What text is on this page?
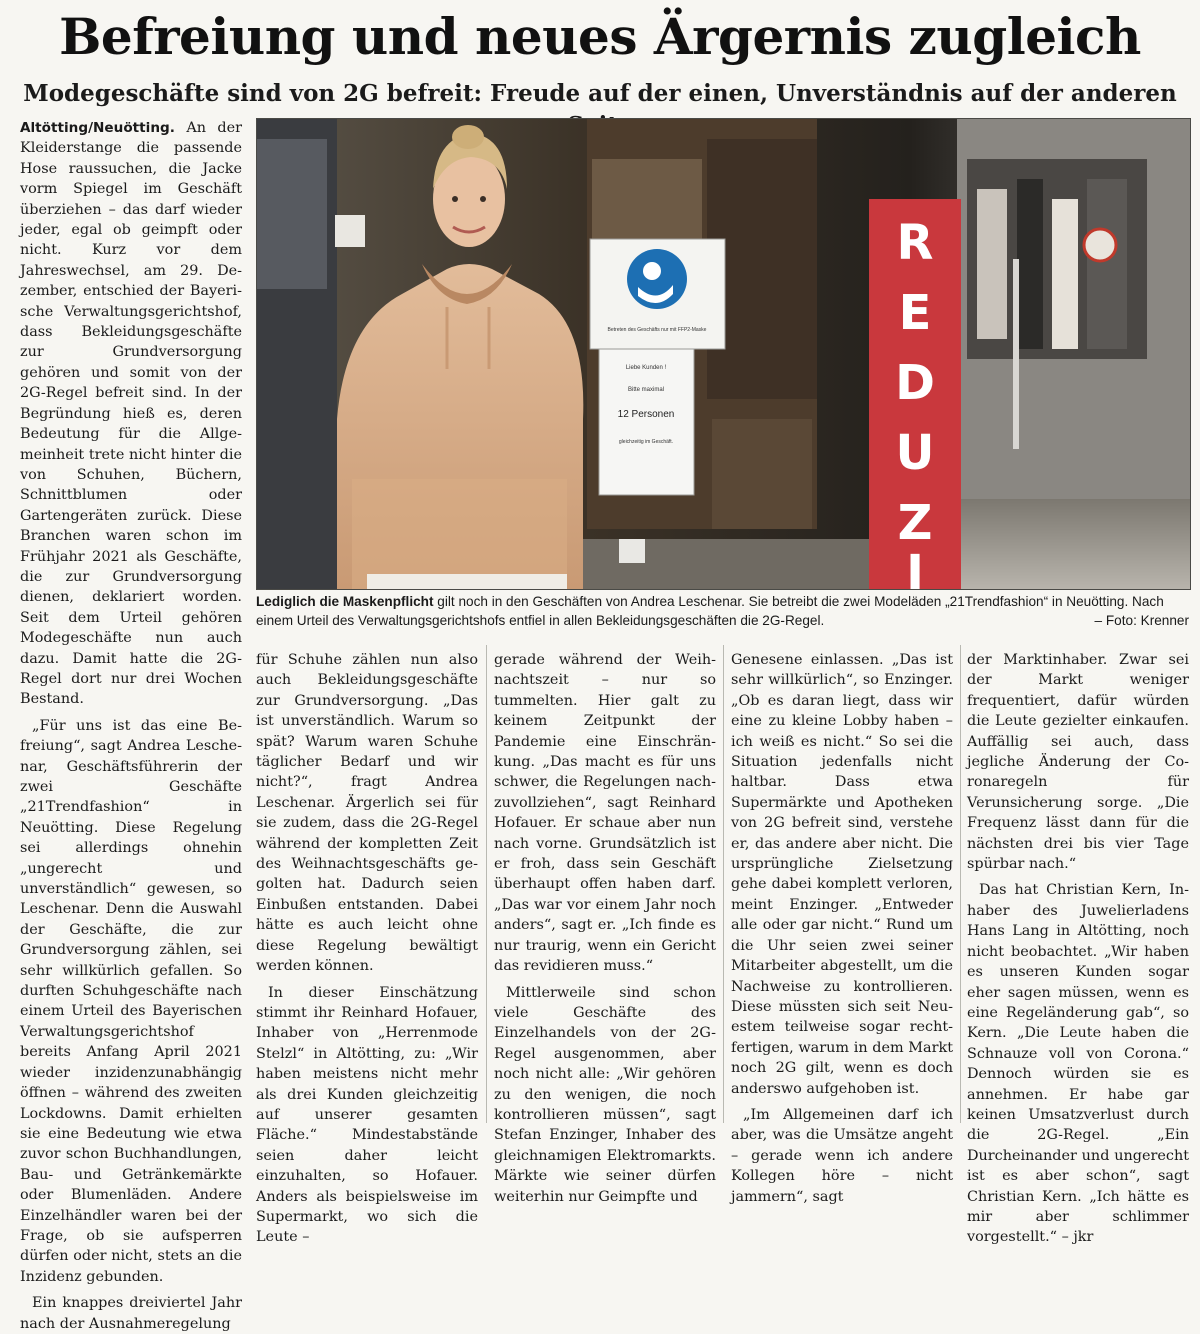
Befreiung und neues Ärgernis zugleich
Modegeschäfte sind von 2G befreit: Freude auf der einen, Unverständnis auf der anderen

Altötting/Neuötting. An der Kleiderstange die passende Hose raussuchen, die Jacke vorm Spiegel im Geschäft überziehen – das darf wieder jeder, egal ob geimpft oder nicht. Kurz vor dem Jahreswechsel, am 29. Dezember, entschied der Bayerische Verwaltungsgerichtshof, dass Bekleidungsgeschäfte zur Grundversorgung gehören und somit von der 2G-Regel befreit sind. In der Begründung hieß es, deren Bedeutung für die Allgemeinheit trete nicht hinter die von Schuhen, Büchern, Schnittblumen oder Gartengeräten zurück. Diese Branchen waren schon im Frühjahr 2021 als Geschäfte, die zur Grundversorgung dienen, deklariert worden. Seit dem Urteil gehören Modegeschäfte nun auch dazu. Damit hatte die 2G-Regel dort nur drei Wochen Bestand.

„Für uns ist das eine Befreiung“, sagt Andrea Leschenar, Geschäftsführerin der zwei Geschäfte „21Trendfashion“ in Neuötting. Diese Regelung sei allerdings ohnehin „ungerecht und unverständlich“ gewesen, so Leschenar. Denn die Auswahl der Geschäfte, die zur Grundversorgung zählen, sei sehr willkürlich gefallen. So durften Schuhgeschäfte nach einem Urteil des Bayerischen Verwaltungsgerichtshof bereits Anfang April 2021 wieder inzidenzunabhängig öffnen – während des zweiten Lockdowns. Damit erhielten sie eine Bedeutung wie etwa zuvor schon Buchhandlungen, Bau- und Getränkemärkte oder Blumenläden. Andere Einzelhändler waren bei der Frage, ob sie aufsperren dürfen oder nicht, stets an die Inzidenz gebunden.

Ein knappes dreiviertel Jahr nach der Ausnahmeregelung

R
E
D
U
Z
I
Betreten des Geschäfts nur mit FFP2-Maske
Liebe Kunden !
Bitte maximal
12 Personen
gleichzeitig im Geschäft.
Lediglich die Maskenpflicht gilt noch in den Geschäften von Andrea Leschenar. Sie betreibt die zwei Modeläden „21Trendfashion“ in Neuötting. Nach einem Urteil des Verwaltungsgerichtshofs entfiel in allen Bekleidungsgeschäften die 2G-Regel.	– Foto: Krenner

für Schuhe zählen nun also auch Bekleidungsgeschäfte zur Grundversorgung. „Das ist unverständlich. Warum so spät? Warum waren Schuhe täglicher Bedarf und wir nicht?“, fragt Andrea Leschenar. Ärgerlich sei für sie zudem, dass die 2G-Regel während der kompletten Zeit des Weihnachtsgeschäfts gegolten hat. Dadurch seien Einbußen entstanden. Dabei hätte es auch leicht ohne diese Regelung bewältigt werden können.

In dieser Einschätzung stimmt ihr Reinhard Hofauer, Inhaber von „Herrenmode Stelzl“ in Altötting, zu: „Wir haben meistens nicht mehr als drei Kunden gleichzeitig auf unserer gesamten Fläche.“ Mindestabstände seien daher leicht einzuhalten, so Hofauer. Anders als beispielsweise im Supermarkt, wo sich die Leute –

gerade während der Weihnachtszeit – nur so tummelten. Hier galt zu keinem Zeitpunkt der Pandemie eine Einschränkung. „Das macht es für uns schwer, die Regelungen nachzuvollziehen“, sagt Reinhard Hofauer. Er schaue aber nun nach vorne. Grundsätzlich ist er froh, dass sein Geschäft überhaupt offen haben darf. „Das war vor einem Jahr noch anders“, sagt er. „Ich finde es nur traurig, wenn ein Gericht das revidieren muss.“

Mittlerweile sind schon viele Geschäfte des Einzelhandels von der 2G-Regel ausgenommen, aber noch nicht alle: „Wir gehören zu den wenigen, die noch kontrollieren müssen“, sagt Stefan Enzinger, Inhaber des gleichnamigen Elektromarkts. Märkte wie seiner dürfen weiterhin nur Geimpfte und

Genesene einlassen. „Das ist sehr willkürlich“, so Enzinger. „Ob es daran liegt, dass wir eine zu kleine Lobby haben – ich weiß es nicht.“ So sei die Situation jedenfalls nicht haltbar. Dass etwa Supermärkte und Apotheken von 2G befreit sind, verstehe er, das andere aber nicht. Die ursprüngliche Zielsetzung gehe dabei komplett verloren, meint Enzinger. „Entweder alle oder gar nicht.“ Rund um die Uhr seien zwei seiner Mitarbeiter abgestellt, um die Nachweise zu kontrollieren. Diese müssten sich seit Neuestem teilweise sogar rechtfertigen, warum in dem Markt noch 2G gilt, wenn es doch anderswo aufgehoben ist.

„Im Allgemeinen darf ich aber, was die Umsätze angeht – gerade wenn ich andere Kollegen höre – nicht jammern“, sagt

der Marktinhaber. Zwar sei der Markt weniger frequentiert, dafür würden die Leute gezielter einkaufen. Auffällig sei auch, dass jegliche Änderung der Coronaregeln für Verunsicherung sorge. „Die Frequenz lässt dann für die nächsten drei bis vier Tage spürbar nach.“

Das hat Christian Kern, Inhaber des Juwelierladens Hans Lang in Altötting, noch nicht beobachtet. „Wir haben es unseren Kunden sogar eher sagen müssen, wenn es eine Regeländerung gab“, so Kern. „Die Leute haben die Schnauze voll von Corona.“ Dennoch würden sie es annehmen. Er habe gar keinen Umsatzverlust durch die 2G-Regel. „Ein Durcheinander und ungerecht ist es aber schon“, sagt Christian Kern. „Ich hätte es mir aber schlimmer vorgestellt.“ – jkr
